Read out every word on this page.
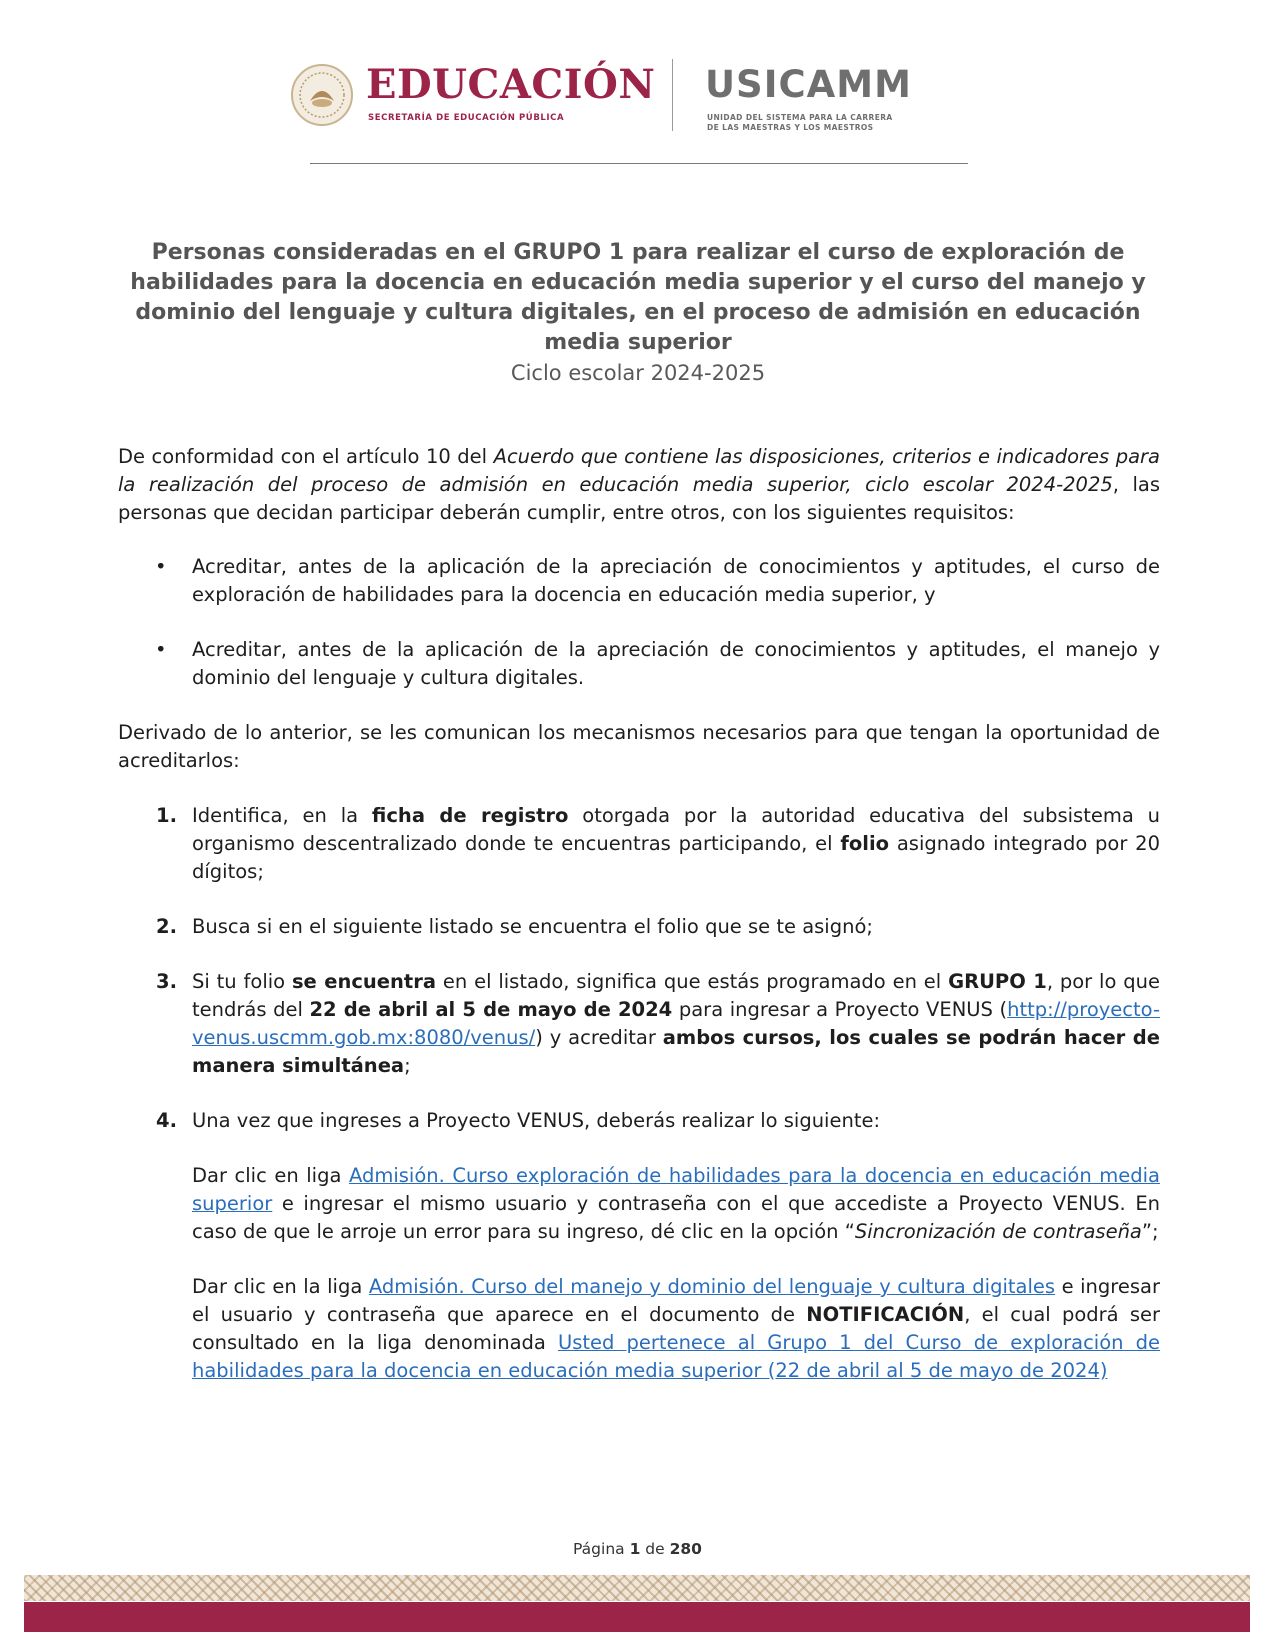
EDUCACIÓN
SECRETARÍA DE EDUCACIÓN PÚBLICA
USICAMM
UNIDAD DEL SISTEMA PARA LA CARRERA
DE LAS MAESTRAS Y LOS MAESTROS

Personas consideradas en el GRUPO 1 para realizar el curso de exploración de habilidades para la docencia en educación media superior y el curso del manejo y dominio del lenguaje y cultura digitales, en el proceso de admisión en educación media superior

Ciclo escolar 2024-2025

De conformidad con el artículo 10 del Acuerdo que contiene las disposiciones, criterios e indicadores para la realización del proceso de admisión en educación media superior, ciclo escolar 2024-2025, las personas que decidan participar deberán cumplir, entre otros, con los siguientes requisitos:

• Acreditar, antes de la aplicación de la apreciación de conocimientos y aptitudes, el curso de exploración de habilidades para la docencia en educación media superior, y
• Acreditar, antes de la aplicación de la apreciación de conocimientos y aptitudes, el manejo y dominio del lenguaje y cultura digitales.

Derivado de lo anterior, se les comunican los mecanismos necesarios para que tengan la oportunidad de acreditarlos:

1. Identifica, en la ficha de registro otorgada por la autoridad educativa del subsistema u organismo descentralizado donde te encuentras participando, el folio asignado integrado por 20 dígitos;
2. Busca si en el siguiente listado se encuentra el folio que se te asignó;
3. Si tu folio se encuentra en el listado, significa que estás programado en el GRUPO 1, por lo que tendrás del 22 de abril al 5 de mayo de 2024 para ingresar a Proyecto VENUS (http://proyecto-venus.uscmm.gob.mx:8080/venus/) y acreditar ambos cursos, los cuales se podrán hacer de manera simultánea;
4. Una vez que ingreses a Proyecto VENUS, deberás realizar lo siguiente:

Dar clic en liga Admisión. Curso exploración de habilidades para la docencia en educación media superior e ingresar el mismo usuario y contraseña con el que accediste a Proyecto VENUS. En caso de que le arroje un error para su ingreso, dé clic en la opción “Sincronización de contraseña”;

Dar clic en la liga Admisión. Curso del manejo y dominio del lenguaje y cultura digitales e ingresar el usuario y contraseña que aparece en el documento de NOTIFICACIÓN, el cual podrá ser consultado en la liga denominada Usted pertenece al Grupo 1 del Curso de exploración de habilidades para la docencia en educación media superior (22 de abril al 5 de mayo de 2024)

Página 1 de 280
